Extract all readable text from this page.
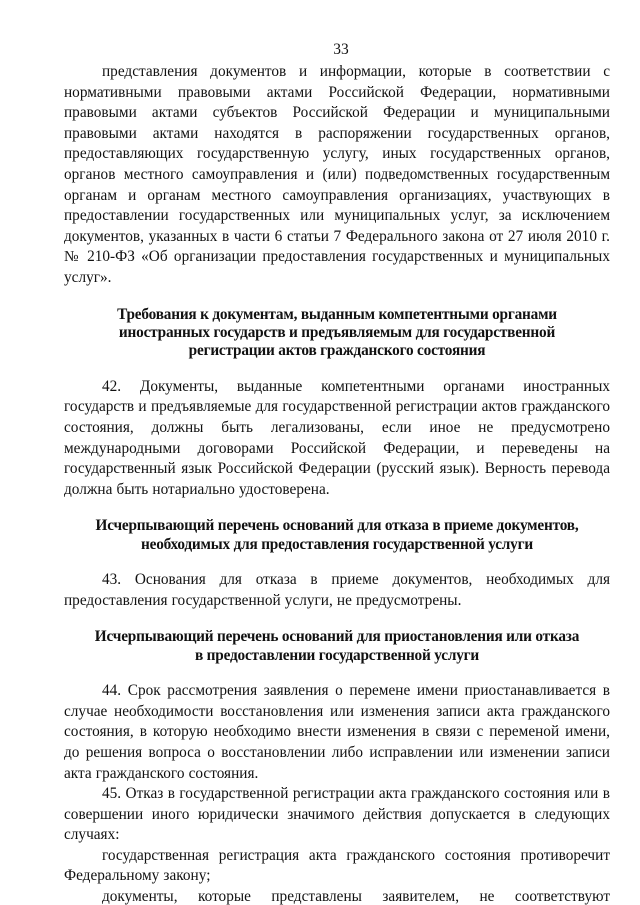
33
представления документов и информации, которые в соответствии с нормативными правовыми актами Российской Федерации, нормативными правовыми актами субъектов Российской Федерации и муниципальными правовыми актами находятся в распоряжении государственных органов, предоставляющих государственную услугу, иных государственных органов, органов местного самоуправления и (или) подведомственных государственным органам и органам местного самоуправления организациях, участвующих в предоставлении государственных или муниципальных услуг, за исключением документов, указанных в части 6 статьи 7 Федерального закона от 27 июля 2010 г. № 210-ФЗ «Об организации предоставления государственных и муниципальных услуг».
Требования к документам, выданным компетентными органами
иностранных государств и предъявляемым для государственной
регистрации актов гражданского состояния
42. Документы, выданные компетентными органами иностранных государств и предъявляемые для государственной регистрации актов гражданского состояния, должны быть легализованы, если иное не предусмотрено международными договорами Российской Федерации, и переведены на государственный язык Российской Федерации (русский язык). Верность перевода должна быть нотариально удостоверена.
Исчерпывающий перечень оснований для отказа в приеме документов,
необходимых для предоставления государственной услуги
43. Основания для отказа в приеме документов, необходимых для предоставления государственной услуги, не предусмотрены.
Исчерпывающий перечень оснований для приостановления или отказа
в предоставлении государственной услуги
44. Срок рассмотрения заявления о перемене имени приостанавливается в случае необходимости восстановления или изменения записи акта гражданского состояния, в которую необходимо внести изменения в связи с переменой имени, до решения вопроса о восстановлении либо исправлении или изменении записи акта гражданского состояния.
45. Отказ в государственной регистрации акта гражданского состояния или в совершении иного юридически значимого действия допускается в следующих случаях:
государственная регистрация акта гражданского состояния противоречит Федеральному закону;
документы, которые представлены заявителем, не соответствуют
